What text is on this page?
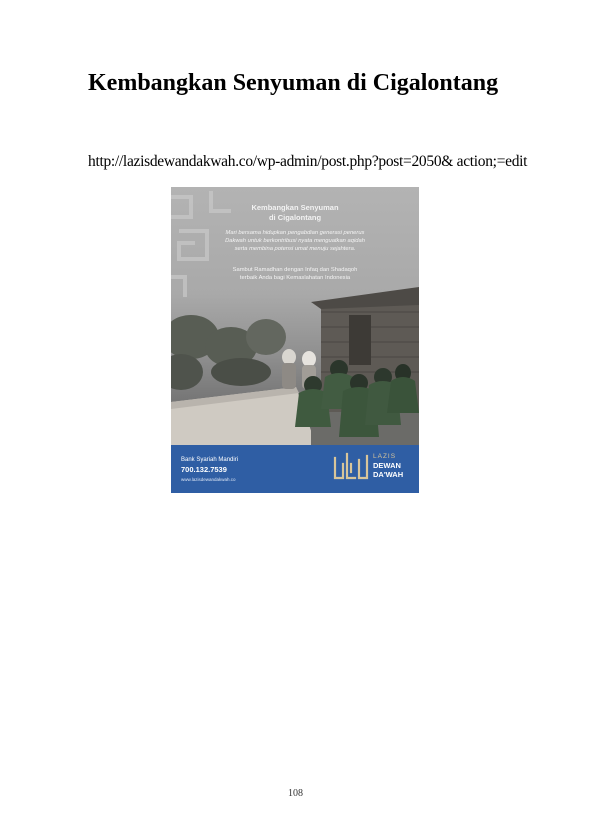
Kembangkan Senyuman di Cigalontang
http://lazisdewandakwah.co/wp-admin/post.php?post=2050& action;=edit
Kembangkan Senyuman
di Cigalontang
Mari bersama hidupkan pengabdian generasi penerus
Dakwah untuk berkontribusi nyata menguatkan aqidah
serta membina potensi umat menuju sejahtera.
Sambut Ramadhan dengan Infaq dan Shadaqoh
terbaik Anda bagi Kemaslahatan Indonesia
Bank Syariah Mandiri
700.132.7539
www.lazisdewandakwah.co
LAZIS
DEWAN
DA'WAH
108
